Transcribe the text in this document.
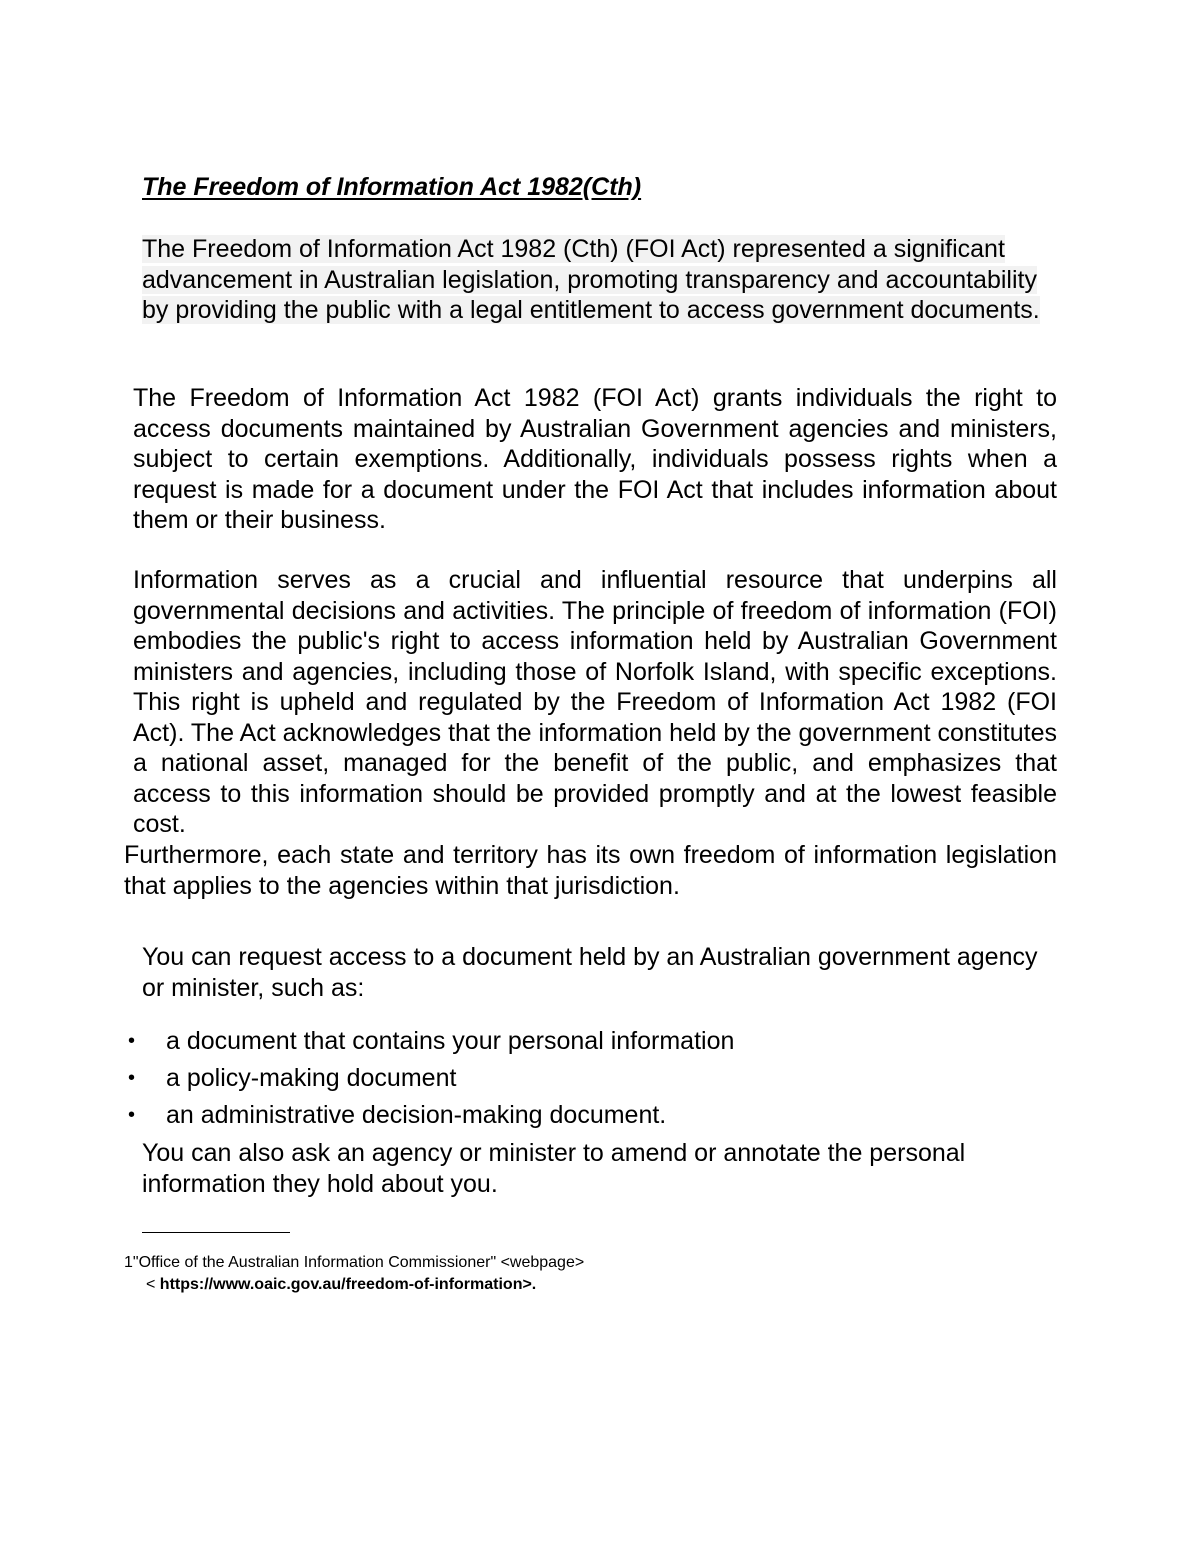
The Freedom of Information Act 1982(Cth)

The Freedom of Information Act 1982 (Cth) (FOI Act) represented a significant advancement in Australian legislation, promoting transparency and accountability by providing the public with a legal entitlement to access government documents.

The Freedom of Information Act 1982 (FOI Act) grants individuals the right to access documents maintained by Australian Government agencies and ministers, subject to certain exemptions. Additionally, individuals possess rights when a request is made for a document under the FOI Act that includes information about them or their business.

Information serves as a crucial and influential resource that underpins all governmental decisions and activities. The principle of freedom of information (FOI) embodies the public's right to access information held by Australian Government ministers and agencies, including those of Norfolk Island, with specific exceptions. This right is upheld and regulated by the Freedom of Information Act 1982 (FOI Act). The Act acknowledges that the information held by the government constitutes a national asset, managed for the benefit of the public, and emphasizes that access to this information should be provided promptly and at the lowest feasible cost.

Furthermore, each state and territory has its own freedom of information legislation that applies to the agencies within that jurisdiction.

You can request access to a document held by an Australian government agency or minister, such as:

• a document that contains your personal information
• a policy-making document
• an administrative decision-making document.

You can also ask an agency or minister to amend or annotate the personal information they hold about you.

1"Office of the Australian Information Commissioner" <webpage>

< https://www.oaic.gov.au/freedom-of-information>.
